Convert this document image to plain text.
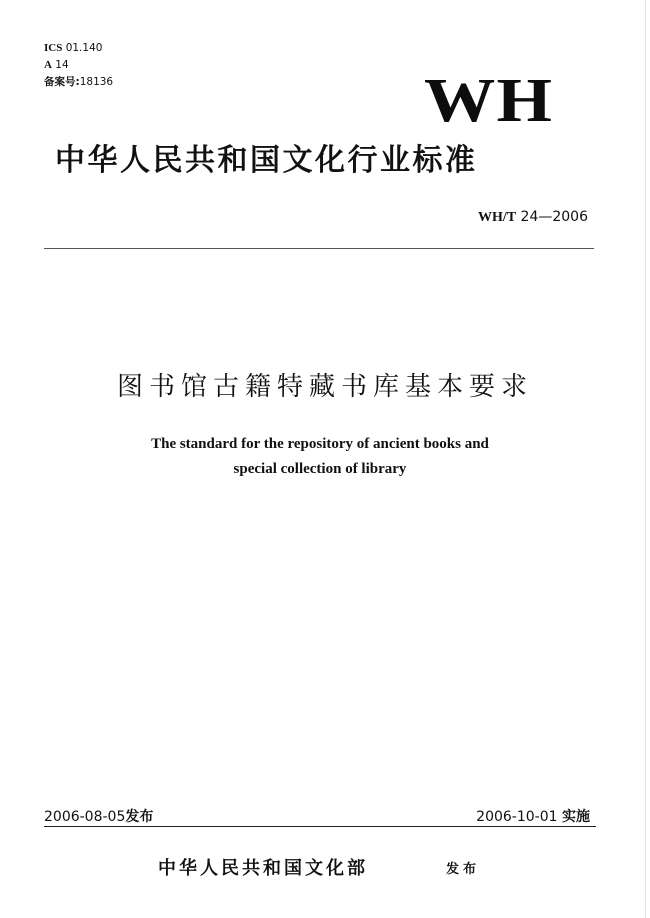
ICS 01.140
A 14
备案号:18136	WH
中华人民共和国文化行业标准
WH/T 24—2006
图书馆古籍特藏书库基本要求
The standard for the repository of ancient books and
special collection of library
2006-08-05发布	2006-10-01 实施
中华人民共和国文化部	发布
